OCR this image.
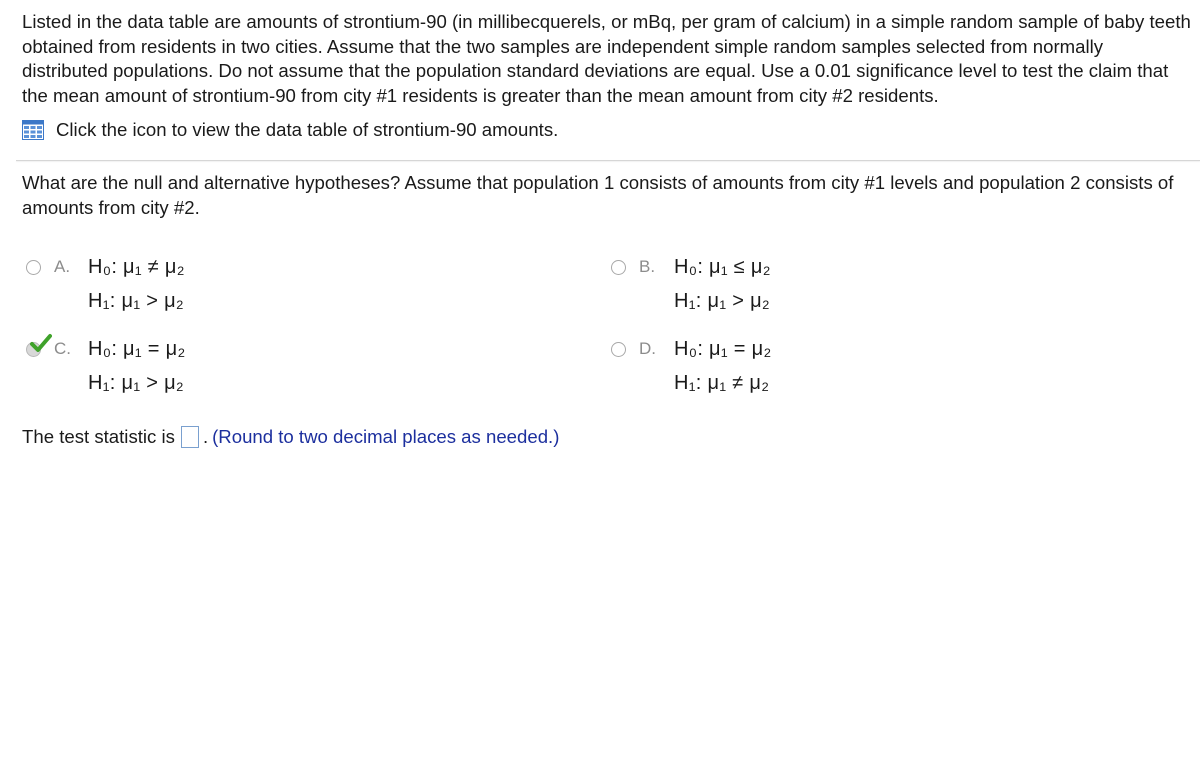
Listed in the data table are amounts of strontium-90 (in millibecquerels, or mBq, per gram of calcium) in a simple random sample of baby teeth obtained from residents in two cities. Assume that the two samples are independent simple random samples selected from normally distributed populations. Do not assume that the population standard deviations are equal. Use a 0.01 significance level to test the claim that the mean amount of strontium-90 from city #1 residents is greater than the mean amount from city #2 residents.
Click the icon to view the data table of strontium-90 amounts.
What are the null and alternative hypotheses? Assume that population 1 consists of amounts from city #1 levels and population 2 consists of amounts from city #2.
A. H₀: μ₁ ≠ μ₂
H₁: μ₁ > μ₂
B. H₀: μ₁ ≤ μ₂
H₁: μ₁ > μ₂
C. H₀: μ₁ = μ₂
H₁: μ₁ > μ₂
D. H₀: μ₁ = μ₂
H₁: μ₁ ≠ μ₂
The test statistic is . (Round to two decimal places as needed.)
